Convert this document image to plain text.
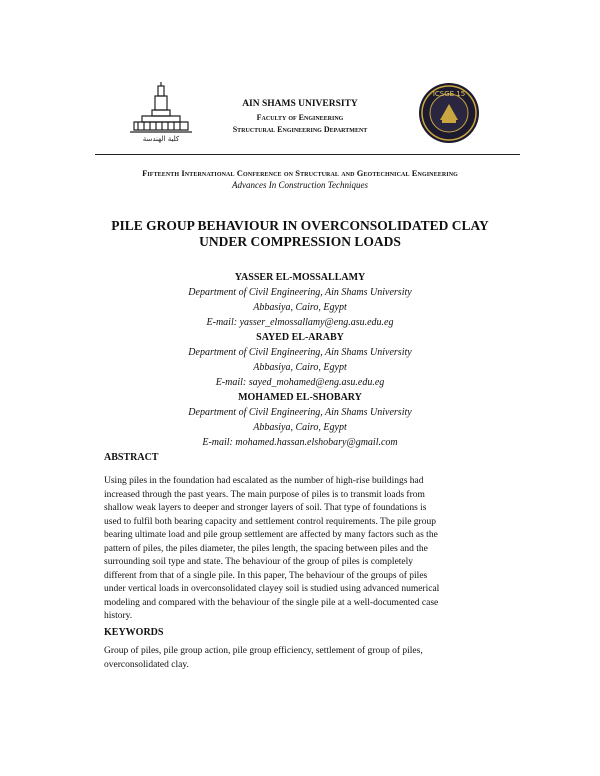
كلية الهندسة
ICSGE 15
AIN SHAMS UNIVERSITY
Faculty of Engineering
Structural Engineering Department
Fifteenth International Conference on Structural and Geotechnical Engineering
Advances In Construction Techniques
PILE GROUP BEHAVIOUR IN OVERCONSOLIDATED CLAY
UNDER COMPRESSION LOADS
YASSER EL-MOSSALLAMY
Department of Civil Engineering, Ain Shams University
Abbasiya, Cairo, Egypt
E-mail: yasser_elmossallamy@eng.asu.edu.eg
SAYED EL-ARABY
Department of Civil Engineering, Ain Shams University
Abbasiya, Cairo, Egypt
E-mail: sayed_mohamed@eng.asu.edu.eg
MOHAMED EL-SHOBARY
Department of Civil Engineering, Ain Shams University
Abbasiya, Cairo, Egypt
E-mail: mohamed.hassan.elshobary@gmail.com
ABSTRACT
Using piles in the foundation had escalated as the number of high-rise buildings had
increased through the past years. The main purpose of piles is to transmit loads from
shallow weak layers to deeper and stronger layers of soil. That type of foundations is
used to fulfil both bearing capacity and settlement control requirements. The pile group
bearing ultimate load and pile group settlement are affected by many factors such as the
pattern of piles, the piles diameter, the piles length, the spacing between piles and the
surrounding soil type and state. The behaviour of the group of piles is completely
different from that of a single pile. In this paper, The behaviour of the groups of piles
under vertical loads in overconsolidated clayey soil is studied using advanced numerical
modeling and compared with the behaviour of the single pile at a well-documented case
history.
KEYWORDS
Group of piles, pile group action, pile group efficiency, settlement of group of piles,
overconsolidated clay.
